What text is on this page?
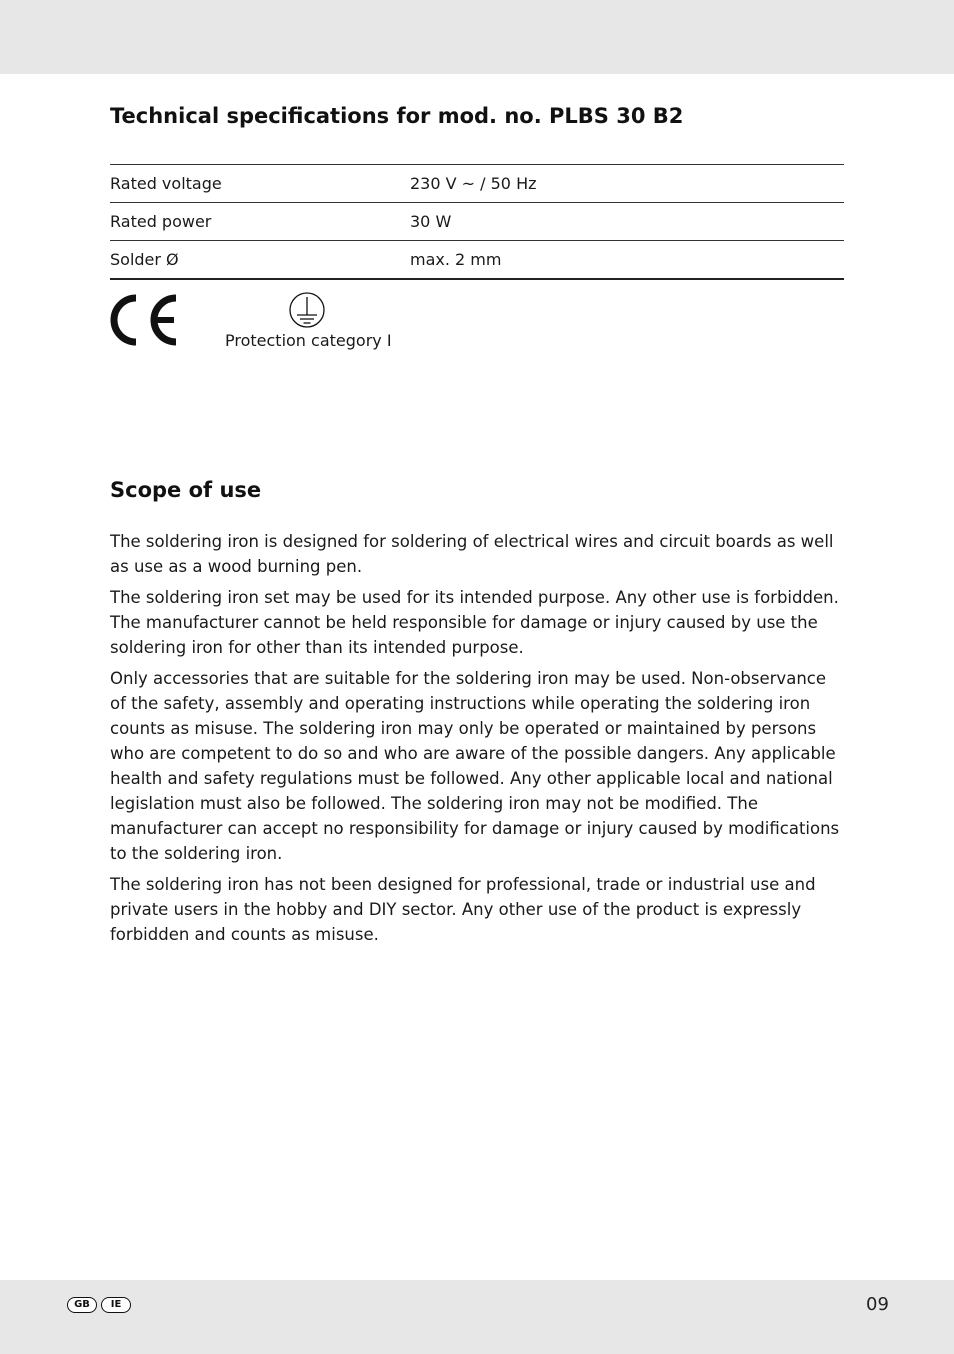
Technical specifications for mod. no. PLBS 30 B2
Rated voltage	230 V ~ / 50 Hz
Rated power	30 W
Solder Ø	max. 2 mm
Protection category I
Scope of use

The soldering iron is designed for soldering of electrical wires and circuit boards as well as use as a wood burning pen.

The soldering iron set may be used for its intended purpose. Any other use is forbidden. The manufacturer cannot be held responsible for damage or injury caused by use the soldering iron for other than its intended purpose.

Only accessories that are suitable for the soldering iron may be used. Non-observance of the safety, assembly and operating instructions while operating the soldering iron counts as misuse. The soldering iron may only be operated or maintained by persons who are competent to do so and who are aware of the possible dangers. Any applicable health and safety regulations must be followed. Any other applicable local and national legislation must also be followed. The soldering iron may not be modified. The manufacturer can accept no responsibility for damage or injury caused by modifications to the soldering iron.

The soldering iron has not been designed for professional, trade or industrial use and private users in the hobby and DIY sector. Any other use of the product is expressly forbidden and counts as misuse.

GB	IE	09
